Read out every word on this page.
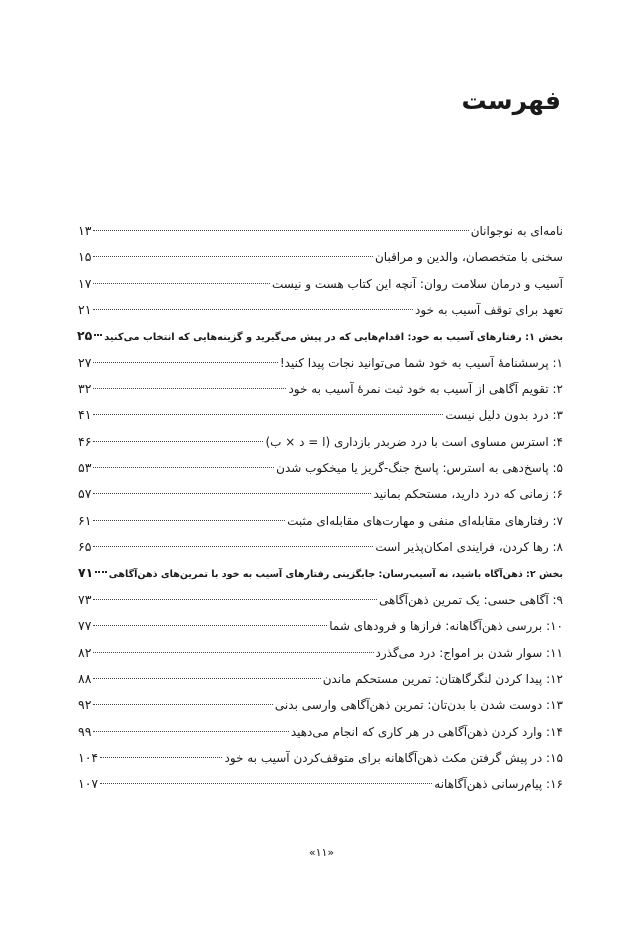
فهرست
نامه‌ای به نوجوانان
۱۳
سخنی با متخصصان، والدین و مراقبان
۱۵
آسیب و درمان سلامت روان: آنچه این کتاب هست و نیست
۱۷
تعهد برای توقف آسیب به خود
۲۱
بخش ۱: رفتارهای آسیب به خود: اقدام‌هایی که در پیش می‌گیرید و گزینه‌هایی که انتخاب می‌کنید
۲۵
۱: پرسشنامهٔ آسیب به خود شما می‌توانید نجات پیدا کنید!
۲۷
۲: تقویم آگاهی از آسیب به خود ثبت نمرهٔ آسیب به خود
۳۲
۳: درد بدون دلیل نیست
۴۱
۴: استرس مساوی است با درد ضربدر بازداری (ا = د × ب)
۴۶
۵: پاسخ‌دهی به استرس: پاسخ جنگ-گریز یا میخکوب شدن
۵۳
۶: زمانی که درد دارید، مستحکم بمانید
۵۷
۷: رفتارهای مقابله‌ای منفی و مهارت‌های مقابله‌ای مثبت
۶۱
۸: رها کردن، فرایندی امکان‌پذیر است
۶۵
بخش ۲: ذهن‌آگاه باشید، نه آسیب‌رسان: جایگزینی رفتارهای آسیب به خود با تمرین‌های ذهن‌آگاهی
۷۱
۹: آگاهی حسی: یک تمرین ذهن‌آگاهی
۷۳
۱۰: بررسی ذهن‌آگاهانه: فرازها و فرودهای شما
۷۷
۱۱: سوار شدن بر امواج: درد می‌گذرد
۸۲
۱۲: پیدا کردن لنگرگاهتان: تمرین مستحکم ماندن
۸۸
۱۳: دوست شدن با بدن‌تان: تمرین ذهن‌آگاهی وارسی بدنی
۹۲
۱۴: وارد کردن ذهن‌آگاهی در هر کاری که انجام می‌دهید
۹۹
۱۵: در پیش گرفتن مکث ذهن‌آگاهانه برای متوقف‌کردن آسیب به خود
۱۰۴
۱۶: پیام‌رسانی ذهن‌آگاهانه
۱۰۷
«۱۱»
